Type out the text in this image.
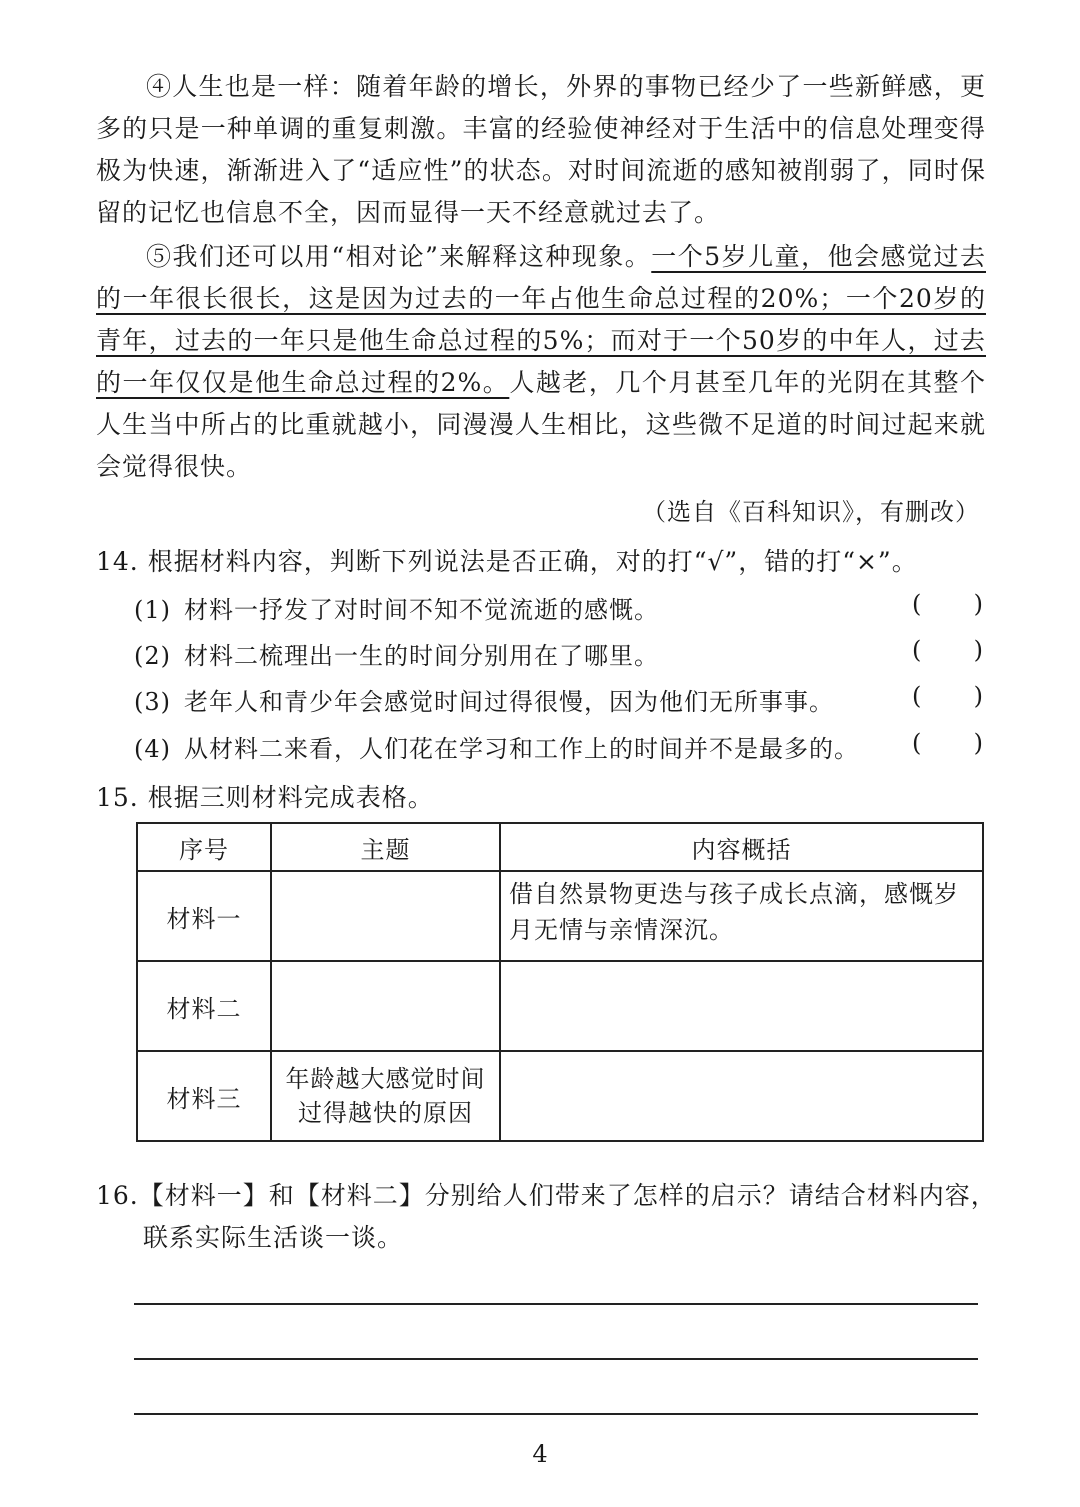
④人生也是一样：随着年龄的增长，外界的事物已经少了一些新鲜感，更多的只是一种单调的重复刺激。丰富的经验使神经对于生活中的信息处理变得极为快速，渐渐进入了“适应性”的状态。对时间流逝的感知被削弱了，同时保留的记忆也信息不全，因而显得一天不经意就过去了。

⑤我们还可以用“相对论”来解释这种现象。一个5岁儿童，他会感觉过去的一年很长很长，这是因为过去的一年占他生命总过程的20%；一个20岁的青年，过去的一年只是他生命总过程的5%；而对于一个50岁的中年人，过去的一年仅仅是他生命总过程的2%。人越老，几个月甚至几年的光阴在其整个人生当中所占的比重就越小，同漫漫人生相比，这些微不足道的时间过起来就会觉得很快。

（选自《百科知识》，有删改）
14. 根据材料内容，判断下列说法是否正确，对的打“√”，错的打“×”。
(1) 材料一抒发了对时间不知不觉流逝的感慨。	( )
(2) 材料二梳理出一生的时间分别用在了哪里。	( )
(3) 老年人和青少年会感觉时间过得很慢，因为他们无所事事。	( )
(4) 从材料二来看，人们花在学习和工作上的时间并不是最多的。 ( )
15. 根据三则材料完成表格。
序号	主题	内容概括
材料一		借自然景物更迭与孩子成长点滴，感慨岁月无情与亲情深沉。
材料二		
材料三	年龄越大感觉时间过得越快的原因	
16.【材料一】和【材料二】分别给人们带来了怎样的启示？请结合材料内容，
联系实际生活谈一谈。
4
